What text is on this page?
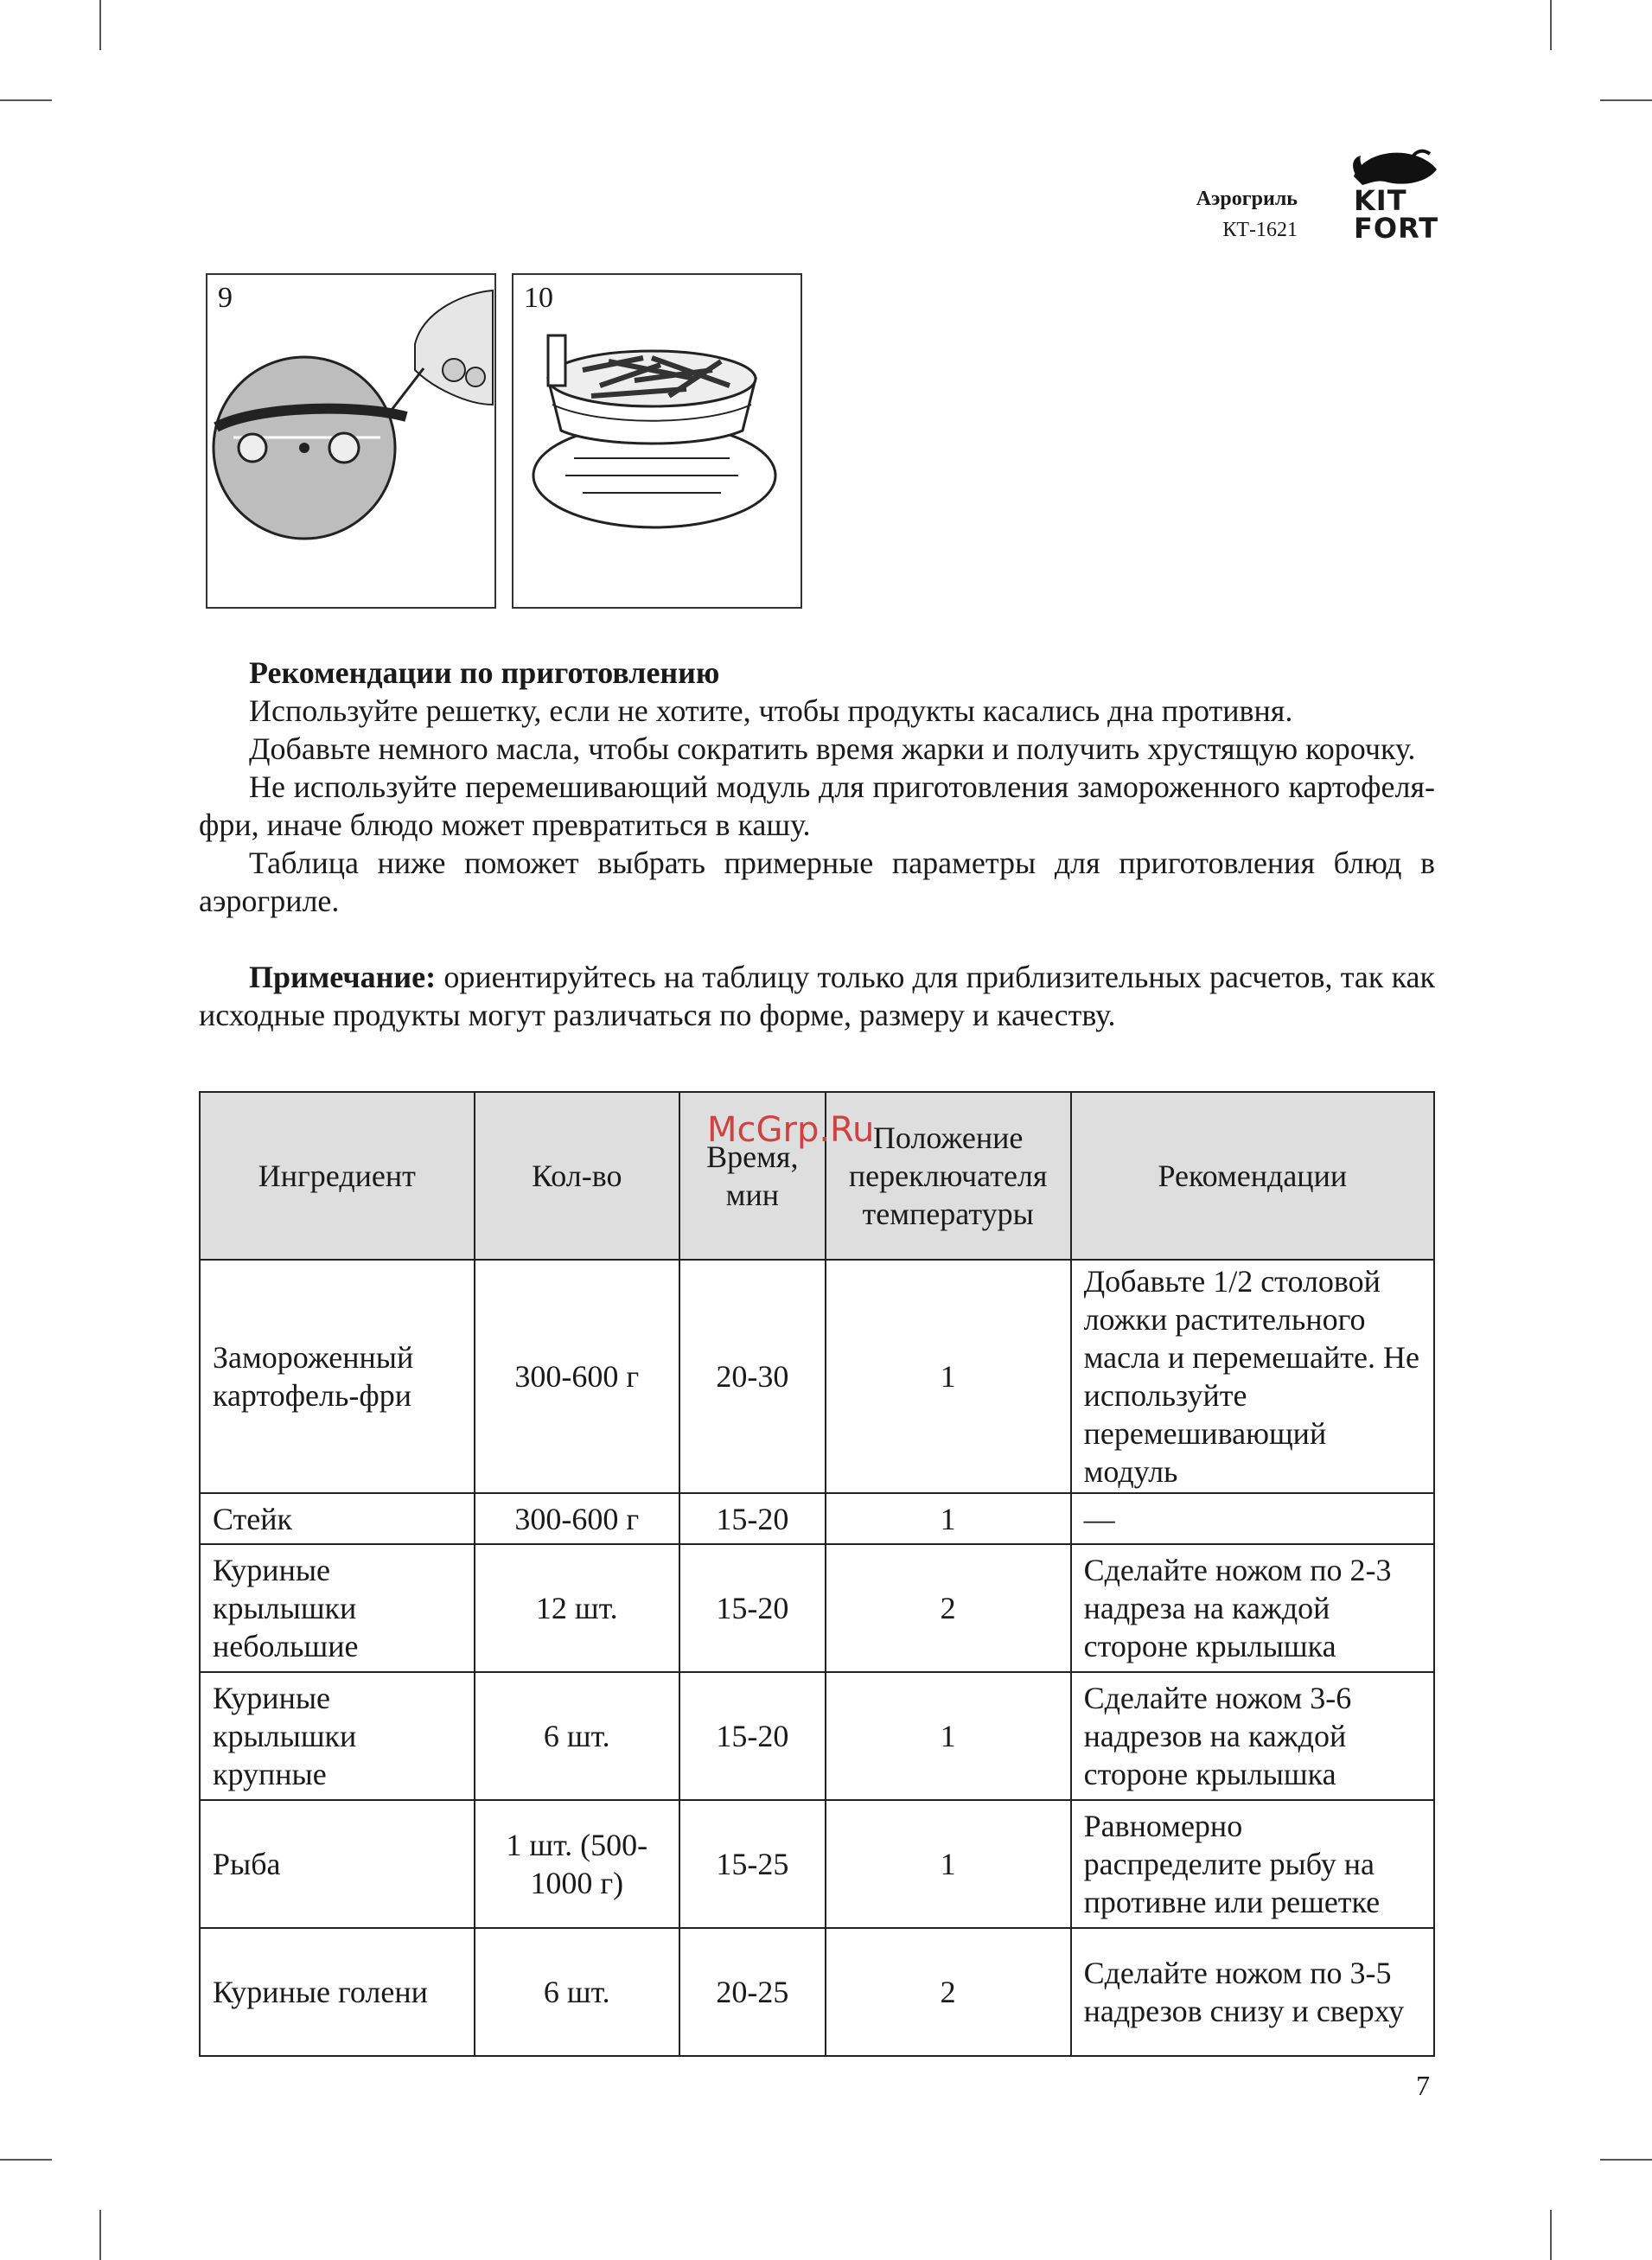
Аэрогриль
КТ-1621
KIT
FORT
9	10
Рекомендации по приготовлению

Используйте решетку, если не хотите, чтобы продукты касались дна противня.

Добавьте немного масла, чтобы сократить время жарки и получить хрустящую корочку.

Не используйте перемешивающий модуль для приготовления замороженного картофеля-фри, иначе блюдо может превратиться в кашу.

Таблица ниже поможет выбрать примерные параметры для приготовления блюд в аэрогриле.

Примечание: ориентируйтесь на таблицу только для приблизительных расчетов, так как исходные продукты могут различаться по форме, размеру и качеству.

Ингредиент	Кол-во	Время, мин	Положение переключателя температуры	Рекомендации
Замороженный картофель-фри	300-600 г	20-30	1	Добавьте 1/2 столовой ложки растительного масла и перемешайте. Не используйте перемешивающий модуль
Стейк	300-600 г	15-20	1	—
Куриные крылышки небольшие	12 шт.	15-20	2	Сделайте ножом по 2-3 надреза на каждой стороне крылышка
Куриные крылышки крупные	6 шт.	15-20	1	Сделайте ножом 3-6 надрезов на каждой стороне крылышка
Рыба	1 шт. (500-1000 г)	15-25	1	Равномерно распределите рыбу на противне или решетке
Куриные голени	6 шт.	20-25	2	Сделайте ножом по 3-5 надрезов снизу и сверху
McGrp.Ru
7
